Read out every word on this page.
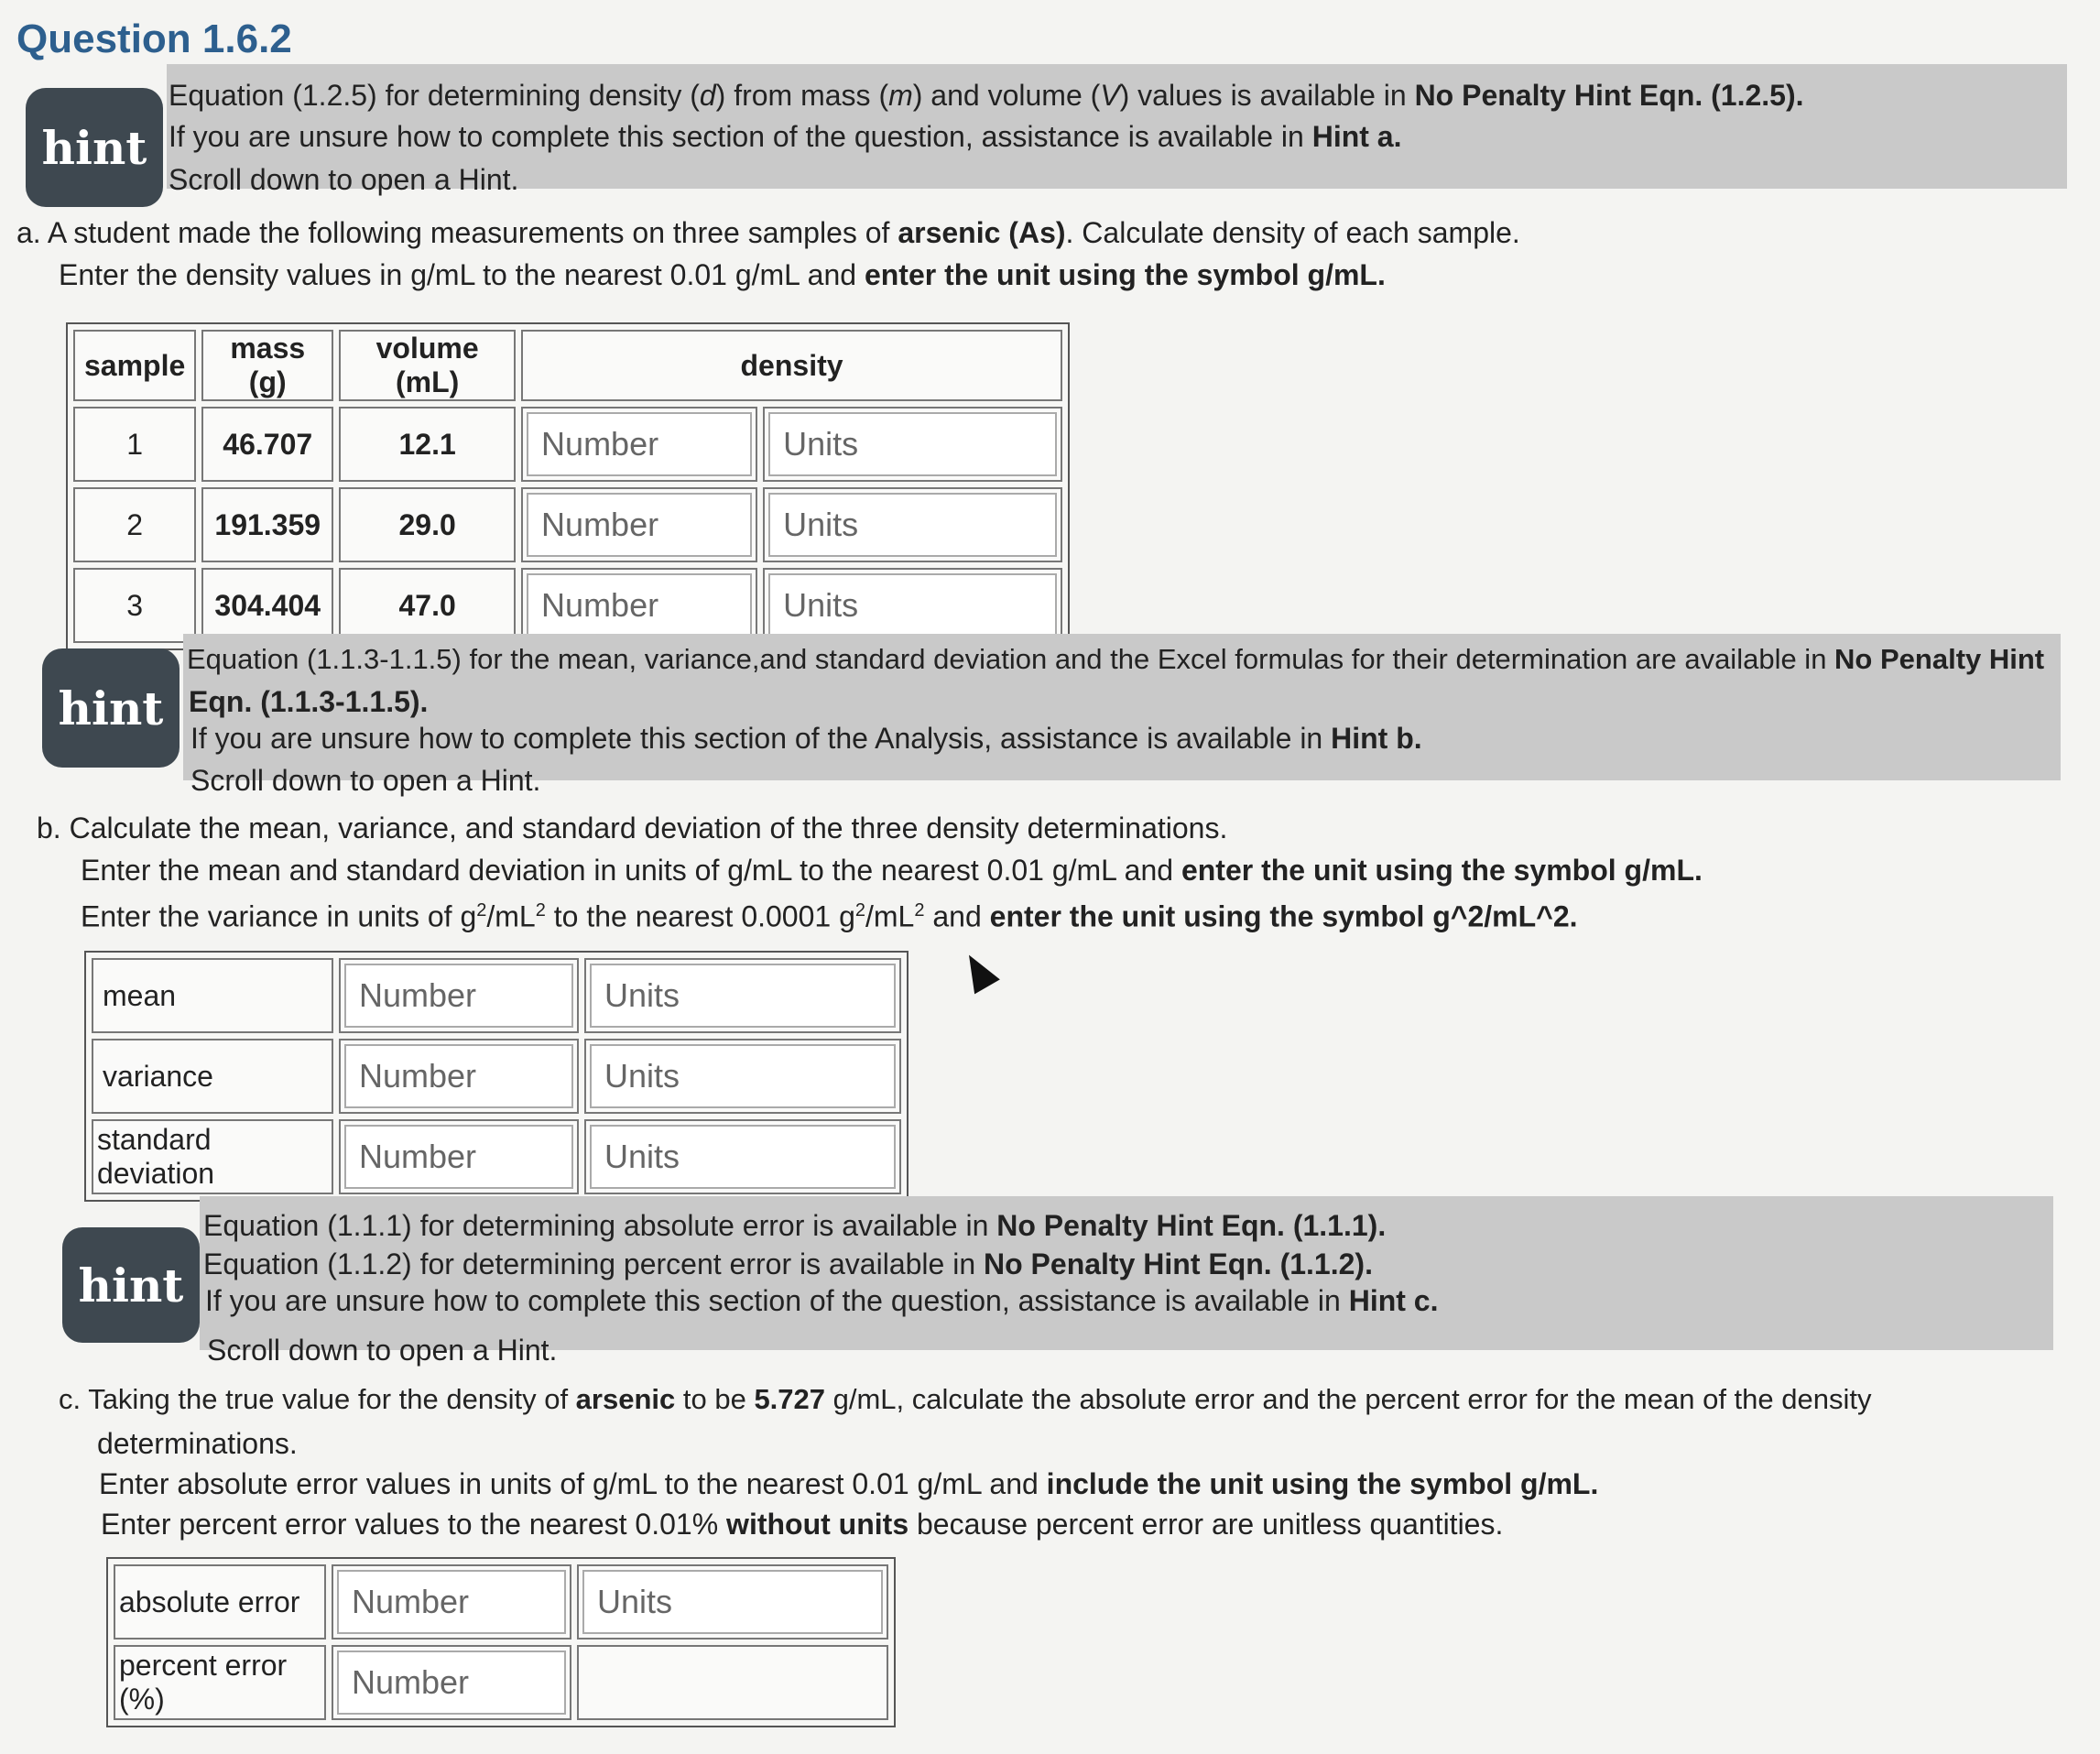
Question 1.6.2
hint
Equation (1.2.5) for determining density (d) from mass (m) and volume (V) values is available in No Penalty Hint Eqn. (1.2.5).
If you are unsure how to complete this section of the question, assistance is available in Hint a.
Scroll down to open a Hint.
a. A student made the following measurements on three samples of arsenic (As). Calculate density of each sample.
Enter the density values in g/mL to the nearest 0.01 g/mL and enter the unit using the symbol g/mL.
sample	mass (g)	volume (mL)	density	
1	46.707	12.1	Number	Units
2	191.359	29.0	Number	Units
3	304.404	47.0	Number	Units
hint
Equation (1.1.3-1.1.5) for the mean, variance,and standard deviation and the Excel formulas for their determination are available in No Penalty Hint
Eqn. (1.1.3-1.1.5).
If you are unsure how to complete this section of the Analysis, assistance is available in Hint b.
Scroll down to open a Hint.
b. Calculate the mean, variance, and standard deviation of the three density determinations.
Enter the mean and standard deviation in units of g/mL to the nearest 0.01 g/mL and enter the unit using the symbol g/mL.
Enter the variance in units of $g^2/mL^2$ to the nearest 0.0001 $g^2/mL^2$ and enter the unit using the symbol g^2/mL^2.
mean	Number	Units
variance	Number	Units
standard deviation	Number	Units
hint
Equation (1.1.1) for determining absolute error is available in No Penalty Hint Eqn. (1.1.1).
Equation (1.1.2) for determining percent error is available in No Penalty Hint Eqn. (1.1.2).
If you are unsure how to complete this section of the question, assistance is available in Hint c.
Scroll down to open a Hint.
c. Taking the true value for the density of arsenic to be 5.727 g/mL, calculate the absolute error and the percent error for the mean of the density
determinations.
Enter absolute error values in units of g/mL to the nearest 0.01 g/mL and include the unit using the symbol g/mL.
Enter percent error values to the nearest 0.01% without units because percent error are unitless quantities.
absolute error	Number	Units
percent error (%)	Number	
